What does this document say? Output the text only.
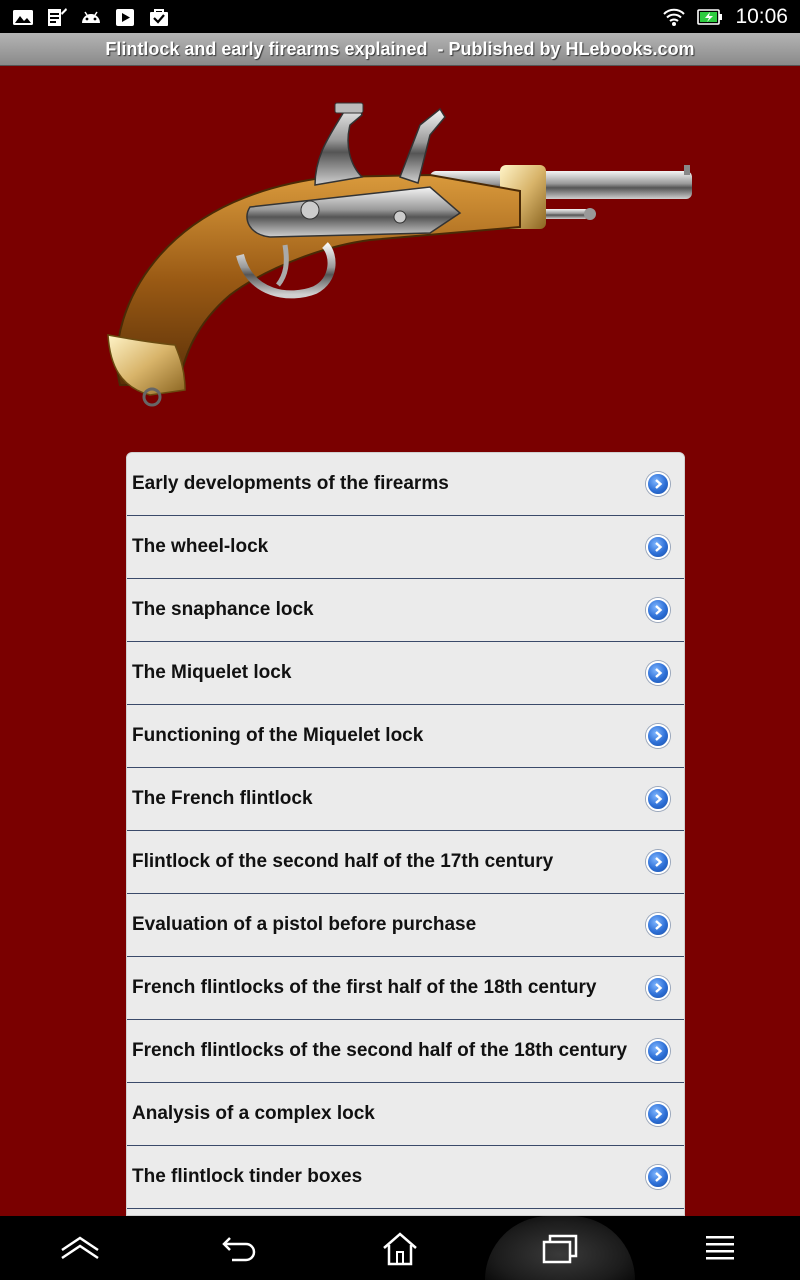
10:06
Flintlock and early firearms explained  - Published by HLebooks.com
Early developments of the firearms
The wheel-lock
The snaphance lock
The Miquelet lock
Functioning of the Miquelet lock
The French flintlock
Flintlock of the second half of the 17th century
Evaluation of a pistol before purchase
French flintlocks of the first half of the 18th century
French flintlocks of the second half of the 18th century
Analysis of a complex lock
The flintlock tinder boxes
